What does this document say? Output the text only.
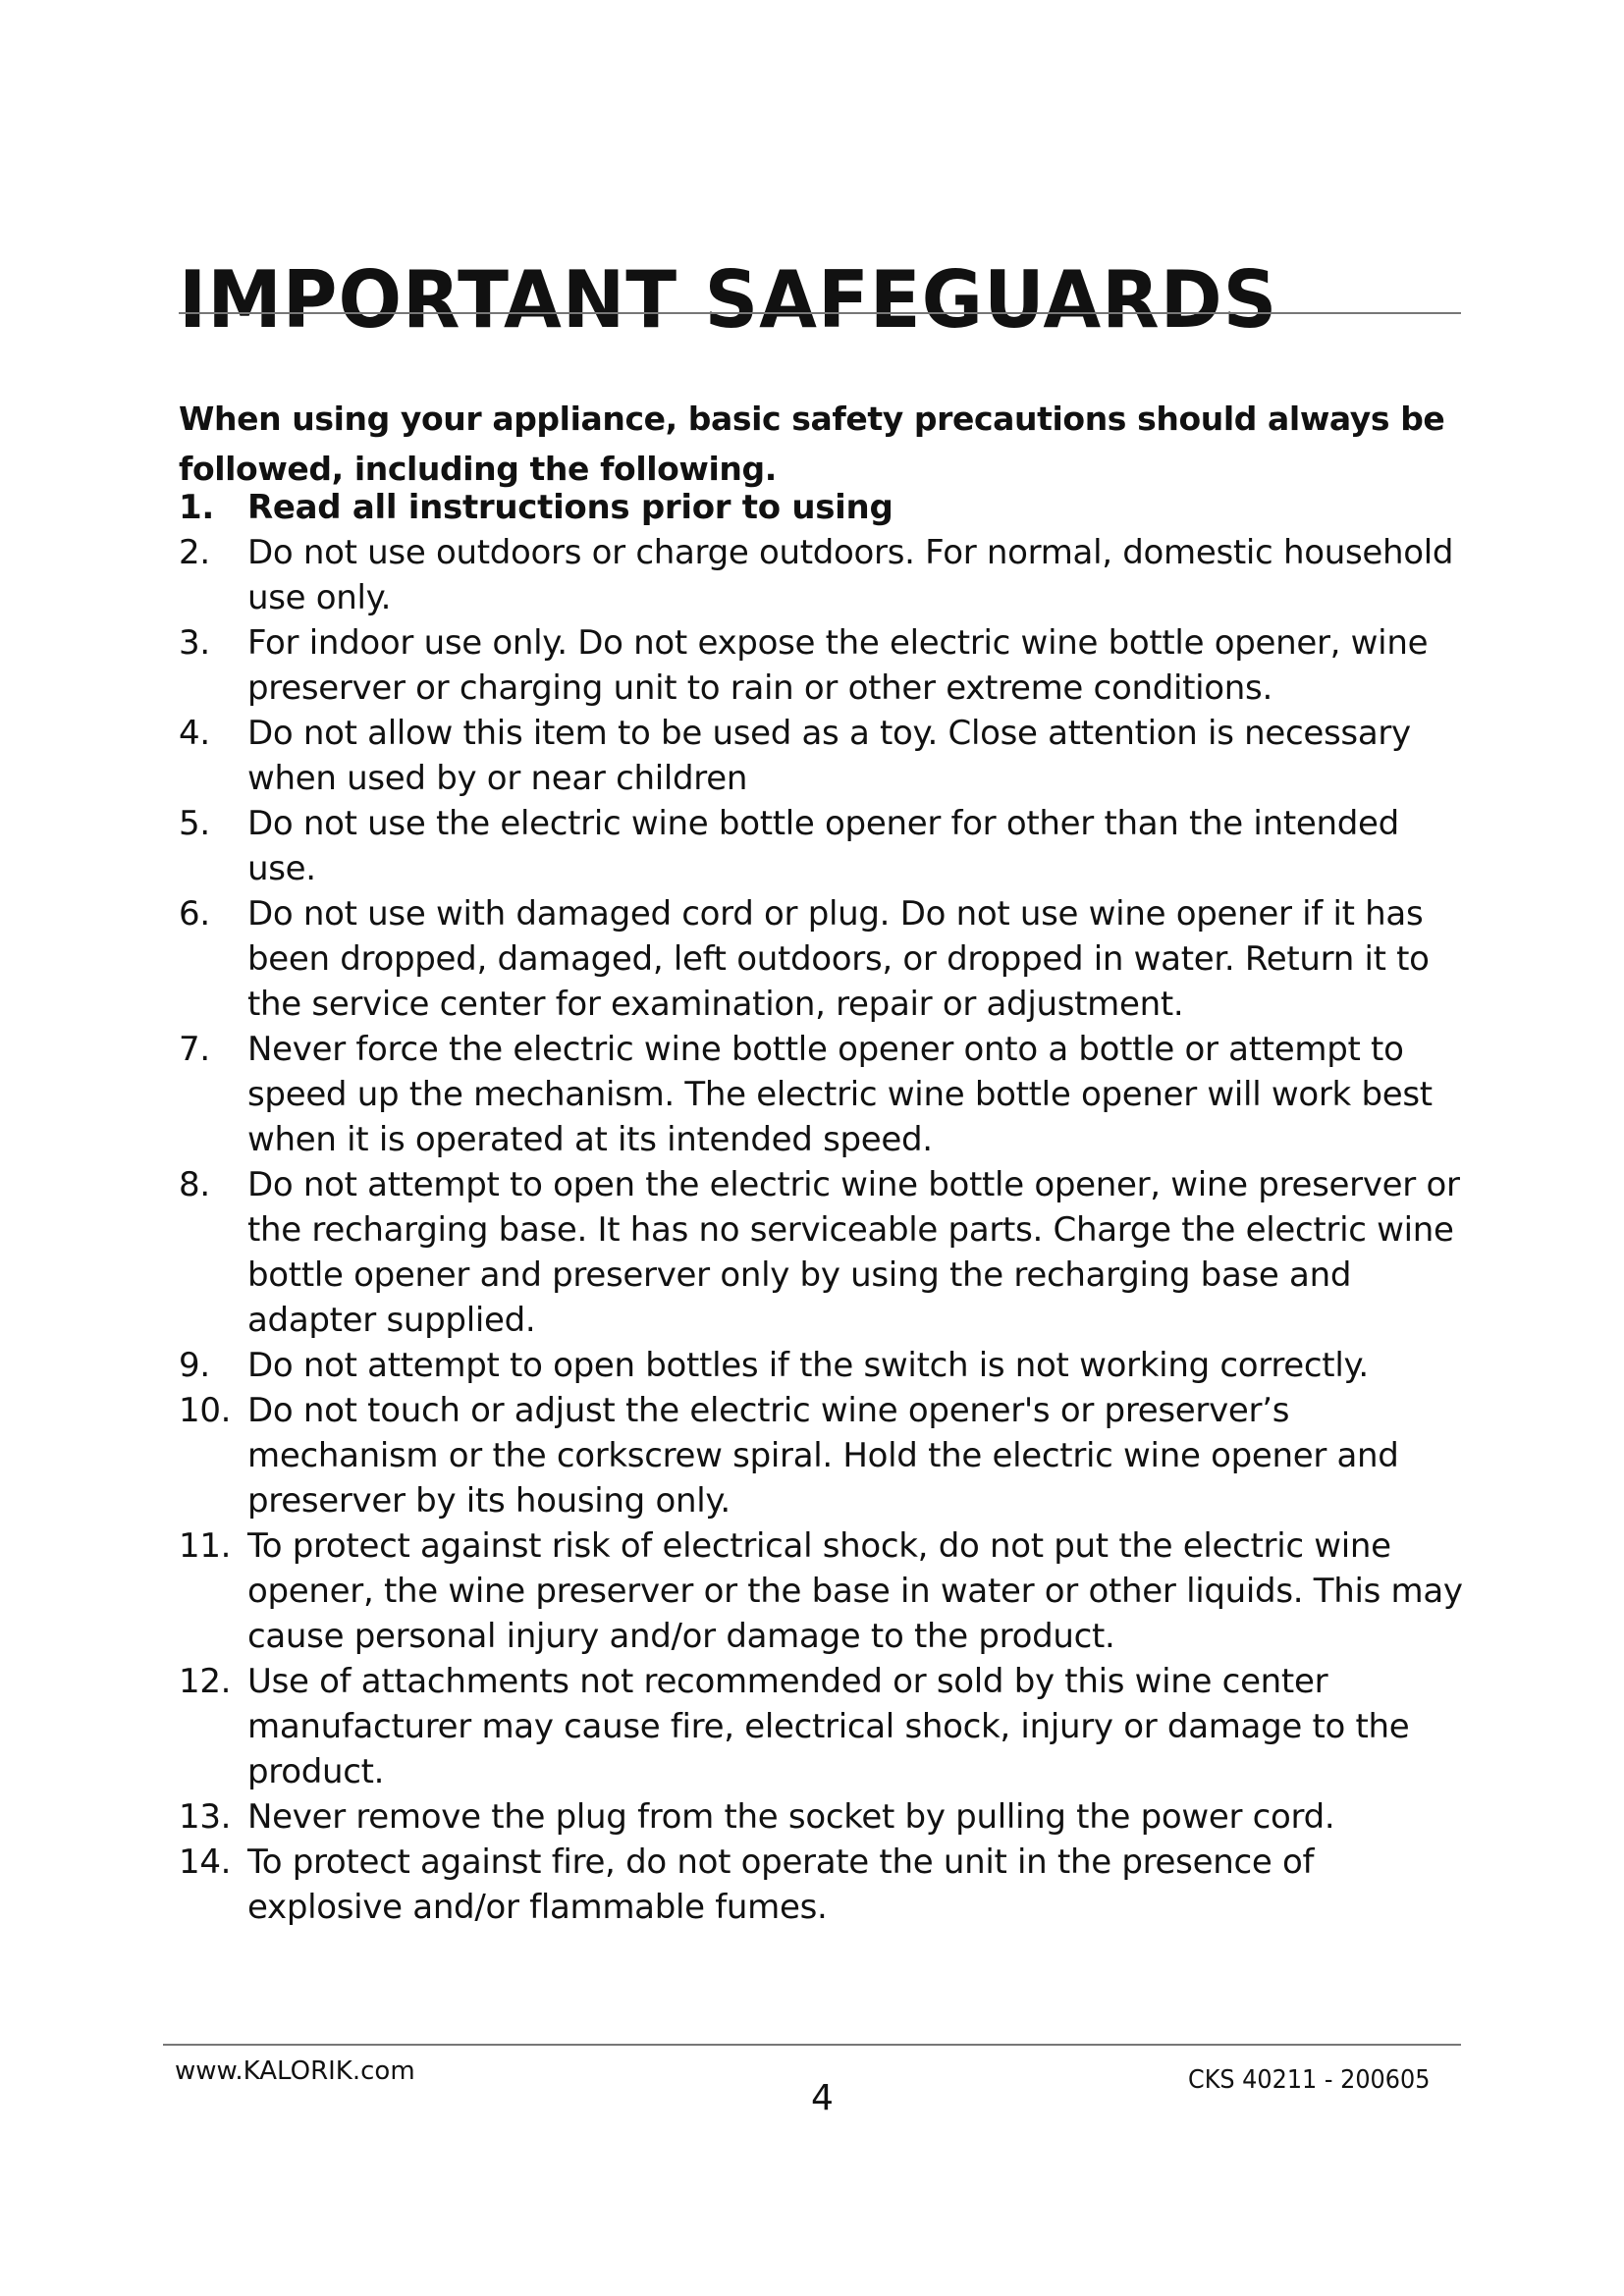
IMPORTANT SAFEGUARDS

When using your appliance, basic safety precautions should always be followed, including the following.

1. Read all instructions prior to using
2. Do not use outdoors or charge outdoors. For normal, domestic household use only.
3. For indoor use only. Do not expose the electric wine bottle opener, wine preserver or charging unit to rain or other extreme conditions.
4. Do not allow this item to be used as a toy. Close attention is necessary when used by or near children
5. Do not use the electric wine bottle opener for other than the intended use.
6. Do not use with damaged cord or plug. Do not use wine opener if it has been dropped, damaged, left outdoors, or dropped in water. Return it to the service center for examination, repair or adjustment.
7. Never force the electric wine bottle opener onto a bottle or attempt to speed up the mechanism. The electric wine bottle opener will work best when it is operated at its intended speed.
8. Do not attempt to open the electric wine bottle opener, wine preserver or the recharging base. It has no serviceable parts. Charge the electric wine bottle opener and preserver only by using the recharging base and adapter supplied.
9. Do not attempt to open bottles if the switch is not working correctly.
10. Do not touch or adjust the electric wine opener's or preserver’s mechanism or the corkscrew spiral. Hold the electric wine opener and preserver by its housing only.
11. To protect against risk of electrical shock, do not put the electric wine opener, the wine preserver or the base in water or other liquids. This may cause personal injury and/or damage to the product.
12. Use of attachments not recommended or sold by this wine center manufacturer may cause fire, electrical shock, injury or damage to the product.
13. Never remove the plug from the socket by pulling the power cord.
14. To protect against fire, do not operate the unit in the presence of explosive and/or flammable fumes.
www.KALORIK.com
4	CKS 40211 - 200605
